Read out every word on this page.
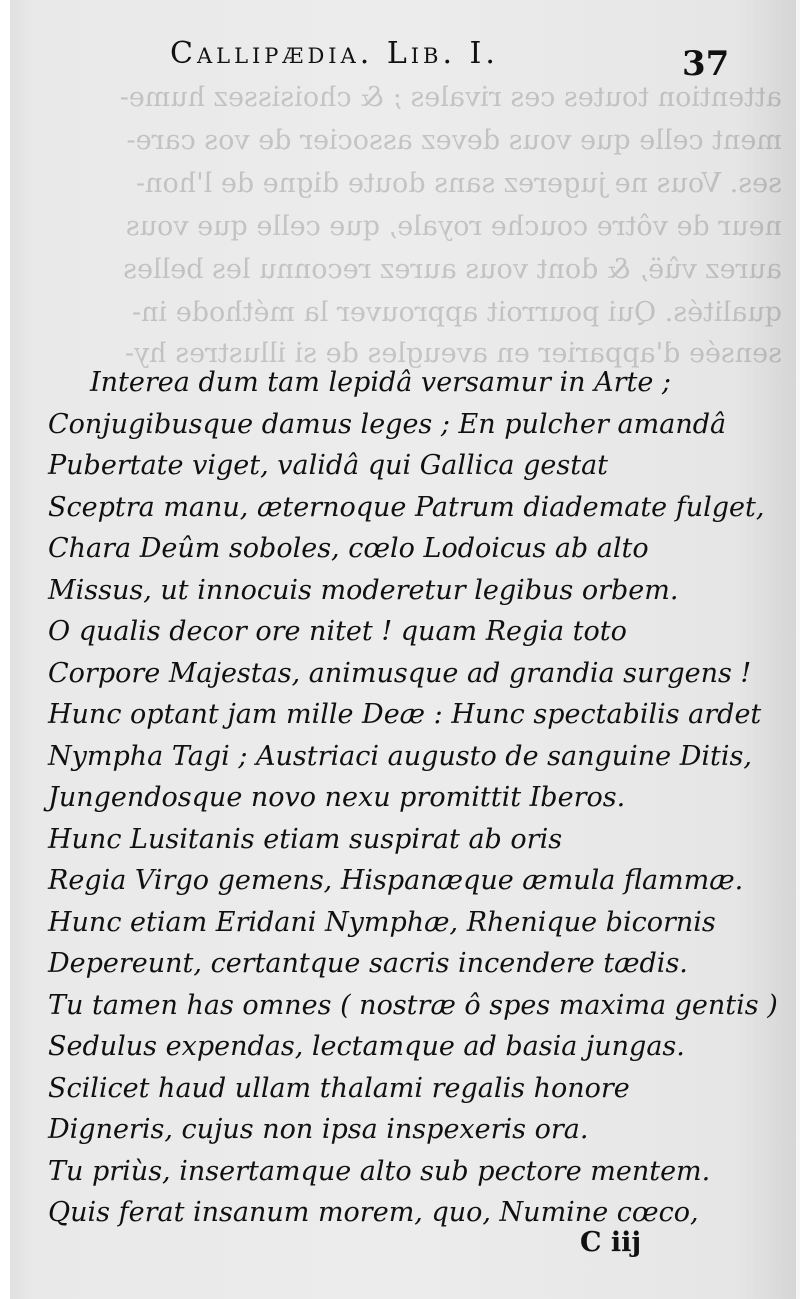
attention toutes ces rivales ; & choisissez hume-
ment celle que vous devez associer de vos care-
ses. Vous ne jugerez sans doute digne de l'hon-
neur de vôtre couche royale, que celle que vous
aurez vûë, & dont vous aurez reconnu les belles
qualités. Qui pourroit approuver la méthode in-
sensée d'apparier en aveugles de si illustres hy-
Callipædia. Lib. I.	37
Interea dum tam lepidâ versamur in Arte ;
Conjugibusque damus leges ; En pulcher amandâ
Pubertate viget, validâ qui Gallica gestat
Sceptra manu, æternoque Patrum diademate fulget,
Chara Deûm soboles, cœlo Lodoicus ab alto
Missus, ut innocuis moderetur legibus orbem.
O qualis decor ore nitet ! quam Regia toto
Corpore Majestas, animusque ad grandia surgens !
Hunc optant jam mille Deæ : Hunc spectabilis ardet
Nympha Tagi ; Austriaci augusto de sanguine Ditis,
Jungendosque novo nexu promittit Iberos.
Hunc Lusitanis etiam suspirat ab oris
Regia Virgo gemens, Hispanæque æmula flammæ.
Hunc etiam Eridani Nymphæ, Rhenique bicornis
Depereunt, certantque sacris incendere tædis.
Tu tamen has omnes ( nostræ ô spes maxima gentis )
Sedulus expendas, lectamque ad basia jungas.
Scilicet haud ullam thalami regalis honore
Digneris, cujus non ipsa inspexeris ora.
Tu priùs, insertamque alto sub pectore mentem.
Quis ferat insanum morem, quo, Numine cœco,
C iij
